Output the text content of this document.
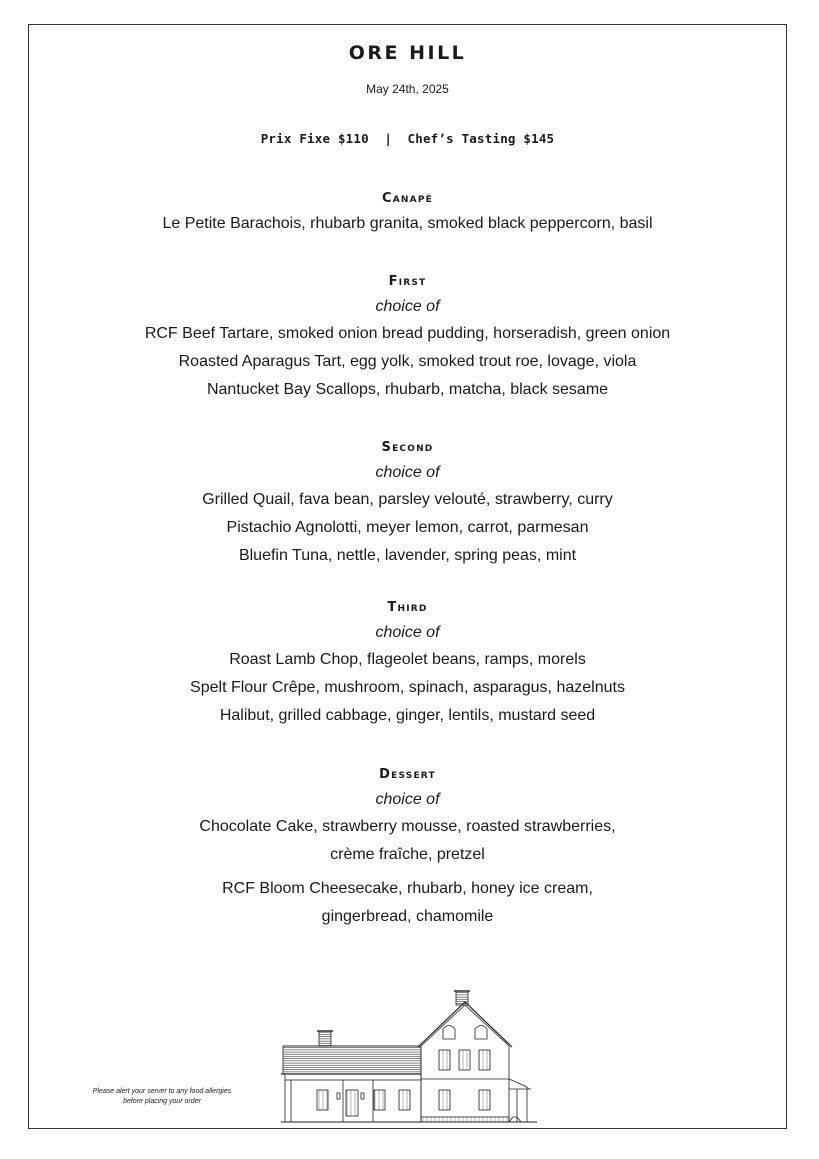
ORE HILL
May 24th, 2025
Prix Fixe $110  |  Chef’s Tasting $145
Canapé
Le Petite Barachois, rhubarb granita, smoked black peppercorn, basil
First
choice of
RCF Beef Tartare, smoked onion bread pudding, horseradish, green onion
Roasted Aparagus Tart, egg yolk, smoked trout roe, lovage, viola
Nantucket Bay Scallops, rhubarb, matcha, black sesame
Second
choice of
Grilled Quail, fava bean, parsley velouté, strawberry, curry
Pistachio Agnolotti, meyer lemon, carrot, parmesan
Bluefin Tuna, nettle, lavender, spring peas, mint
Third
choice of
Roast Lamb Chop, flageolet beans, ramps, morels
Spelt Flour Crêpe, mushroom, spinach, asparagus, hazelnuts
Halibut, grilled cabbage, ginger, lentils, mustard seed
Dessert
choice of
Chocolate Cake, strawberry mousse, roasted strawberries,
crème fraîche, pretzel
RCF Bloom Cheesecake, rhubarb, honey ice cream,
gingerbread, chamomile
Please alert your server to any food allergies
before placing your order
